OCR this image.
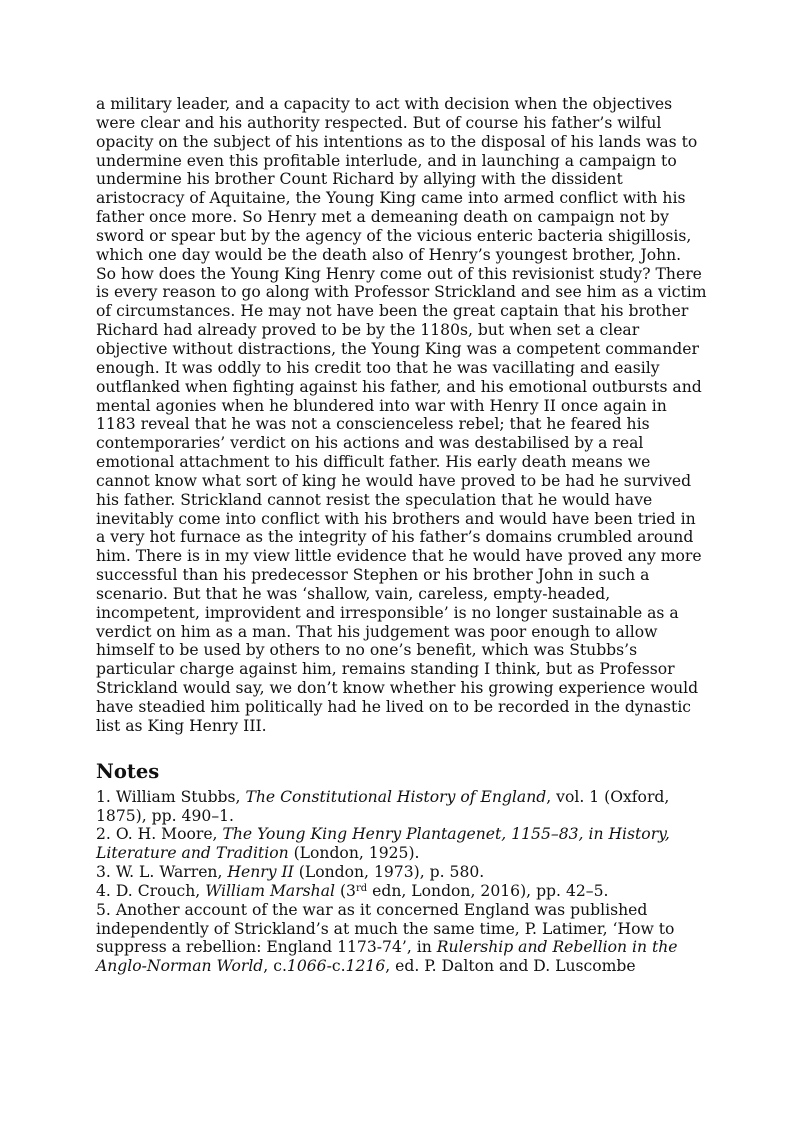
a military leader, and a capacity to act with decision when the objectives were clear and his authority respected. But of course his father’s wilful opacity on the subject of his intentions as to the disposal of his lands was to undermine even this profitable interlude, and in launching a campaign to undermine his brother Count Richard by allying with the dissident aristocracy of Aquitaine, the Young King came into armed conflict with his father once more. So Henry met a demeaning death on campaign not by sword or spear but by the agency of the vicious enteric bacteria shigillosis, which one day would be the death also of Henry’s youngest brother, John.

So how does the Young King Henry come out of this revisionist study? There is every reason to go along with Professor Strickland and see him as a victim of circumstances. He may not have been the great captain that his brother Richard had already proved to be by the 1180s, but when set a clear objective without distractions, the Young King was a competent commander enough. It was oddly to his credit too that he was vacillating and easily outflanked when fighting against his father, and his emotional outbursts and mental agonies when he blundered into war with Henry II once again in 1183 reveal that he was not a conscienceless rebel; that he feared his contemporaries’ verdict on his actions and was destabilised by a real emotional attachment to his difficult father. His early death means we cannot know what sort of king he would have proved to be had he survived his father. Strickland cannot resist the speculation that he would have inevitably come into conflict with his brothers and would have been tried in a very hot furnace as the integrity of his father’s domains crumbled around him. There is in my view little evidence that he would have proved any more successful than his predecessor Stephen or his brother John in such a scenario. But that he was ‘shallow, vain, careless, empty-headed, incompetent, improvident and irresponsible’ is no longer sustainable as a verdict on him as a man. That his judgement was poor enough to allow himself to be used by others to no one’s benefit, which was Stubbs’s particular charge against him, remains standing I think, but as Professor Strickland would say, we don’t know whether his growing experience would have steadied him politically had he lived on to be recorded in the dynastic list as King Henry III.

Notes

1. William Stubbs, The Constitutional History of England, vol. 1 (Oxford, 1875), pp. 490–1.

2. O. H. Moore, The Young King Henry Plantagenet, 1155–83, in History, Literature and Tradition (London, 1925).

3. W. L. Warren, Henry II (London, 1973), p. 580.

4. D. Crouch, William Marshal (3rd edn, London, 2016), pp. 42–5.

5. Another account of the war as it concerned England was published independently of Strickland’s at much the same time, P. Latimer, ‘How to suppress a rebellion: England 1173-74’, in Rulership and Rebellion in the Anglo-Norman World, c.1066-c.1216, ed. P. Dalton and D. Luscombe
